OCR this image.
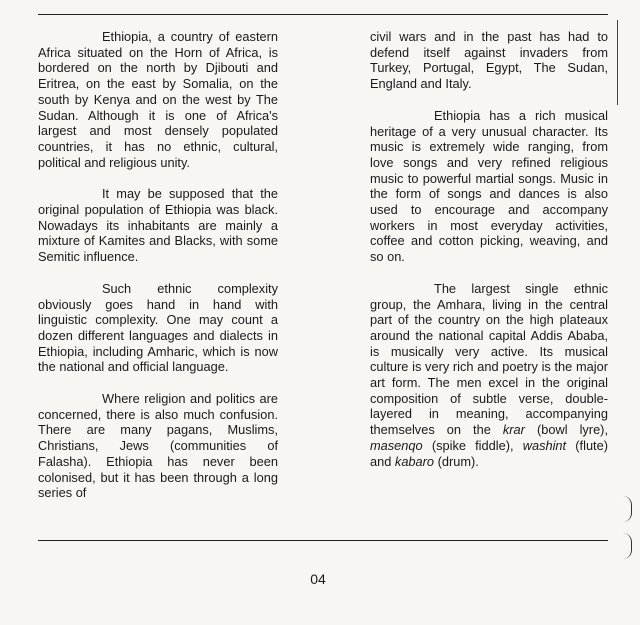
Ethiopia, a country of eastern Africa situated on the Horn of Africa, is bordered on the north by Djibouti and Eritrea, on the east by Somalia, on the south by Kenya and on the west by The Sudan. Although it is one of Africa's largest and most densely populated countries, it has no ethnic, cultural, political and religious unity.

It may be supposed that the original population of Ethiopia was black. Nowadays its inhabitants are mainly a mixture of Kamites and Blacks, with some Semitic influence.

Such ethnic complexity obviously goes hand in hand with linguistic complexity. One may count a dozen different languages and dialects in Ethiopia, including Amharic, which is now the national and official language.

Where religion and politics are concerned, there is also much confusion. There are many pagans, Muslims, Christians, Jews (communities of Falasha). Ethiopia has never been colonised, but it has been through a long series of

civil wars and in the past has had to defend itself against invaders from Turkey, Portugal, Egypt, The Sudan, England and Italy.

Ethiopia has a rich musical heritage of a very unusual character. Its music is extremely wide ranging, from love songs and very refined religious music to powerful martial songs. Music in the form of songs and dances is also used to encourage and accompany workers in most everyday activities, coffee and cotton picking, weaving, and so on.

The largest single ethnic group, the Amhara, living in the central part of the country on the high plateaux around the national capital Addis Ababa, is musically very active. Its musical culture is very rich and poetry is the major art form. The men excel in the original composition of subtle verse, double-layered in meaning, accompanying themselves on the krar (bowl lyre), masenqo (spike fiddle), washint (flute) and kabaro (drum).

04
